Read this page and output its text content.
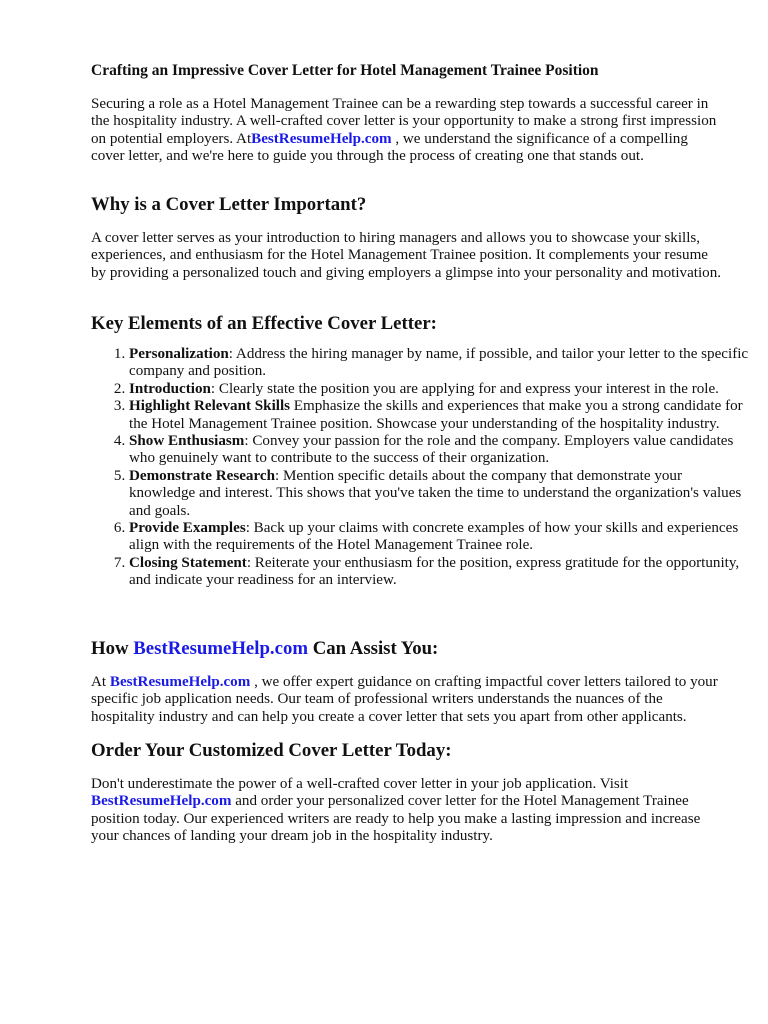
Crafting an Impressive Cover Letter for Hotel Management Trainee Position

Securing a role as a Hotel Management Trainee can be a rewarding step towards a successful career in the hospitality industry. A well-crafted cover letter is your opportunity to make a strong first impression on potential employers. AtBestResumeHelp.com , we understand the significance of a compelling cover letter, and we're here to guide you through the process of creating one that stands out.

Why is a Cover Letter Important?

A cover letter serves as your introduction to hiring managers and allows you to showcase your skills, experiences, and enthusiasm for the Hotel Management Trainee position. It complements your resume by providing a personalized touch and giving employers a glimpse into your personality and motivation.

Key Elements of an Effective Cover Letter:
1. Personalization: Address the hiring manager by name, if possible, and tailor your letter to the specific company and position.
2. Introduction: Clearly state the position you are applying for and express your interest in the role.
3. Highlight Relevant Skills Emphasize the skills and experiences that make you a strong candidate for the Hotel Management Trainee position. Showcase your understanding of the hospitality industry.
4. Show Enthusiasm: Convey your passion for the role and the company. Employers value candidates who genuinely want to contribute to the success of their organization.
5. Demonstrate Research: Mention specific details about the company that demonstrate your knowledge and interest. This shows that you've taken the time to understand the organization's values and goals.
6. Provide Examples: Back up your claims with concrete examples of how your skills and experiences align with the requirements of the Hotel Management Trainee role.
7. Closing Statement: Reiterate your enthusiasm for the position, express gratitude for the opportunity, and indicate your readiness for an interview.
How BestResumeHelp.com Can Assist You:

At BestResumeHelp.com , we offer expert guidance on crafting impactful cover letters tailored to your specific job application needs. Our team of professional writers understands the nuances of the hospitality industry and can help you create a cover letter that sets you apart from other applicants.

Order Your Customized Cover Letter Today:

Don't underestimate the power of a well-crafted cover letter in your job application. Visit BestResumeHelp.com and order your personalized cover letter for the Hotel Management Trainee position today. Our experienced writers are ready to help you make a lasting impression and increase your chances of landing your dream job in the hospitality industry.
